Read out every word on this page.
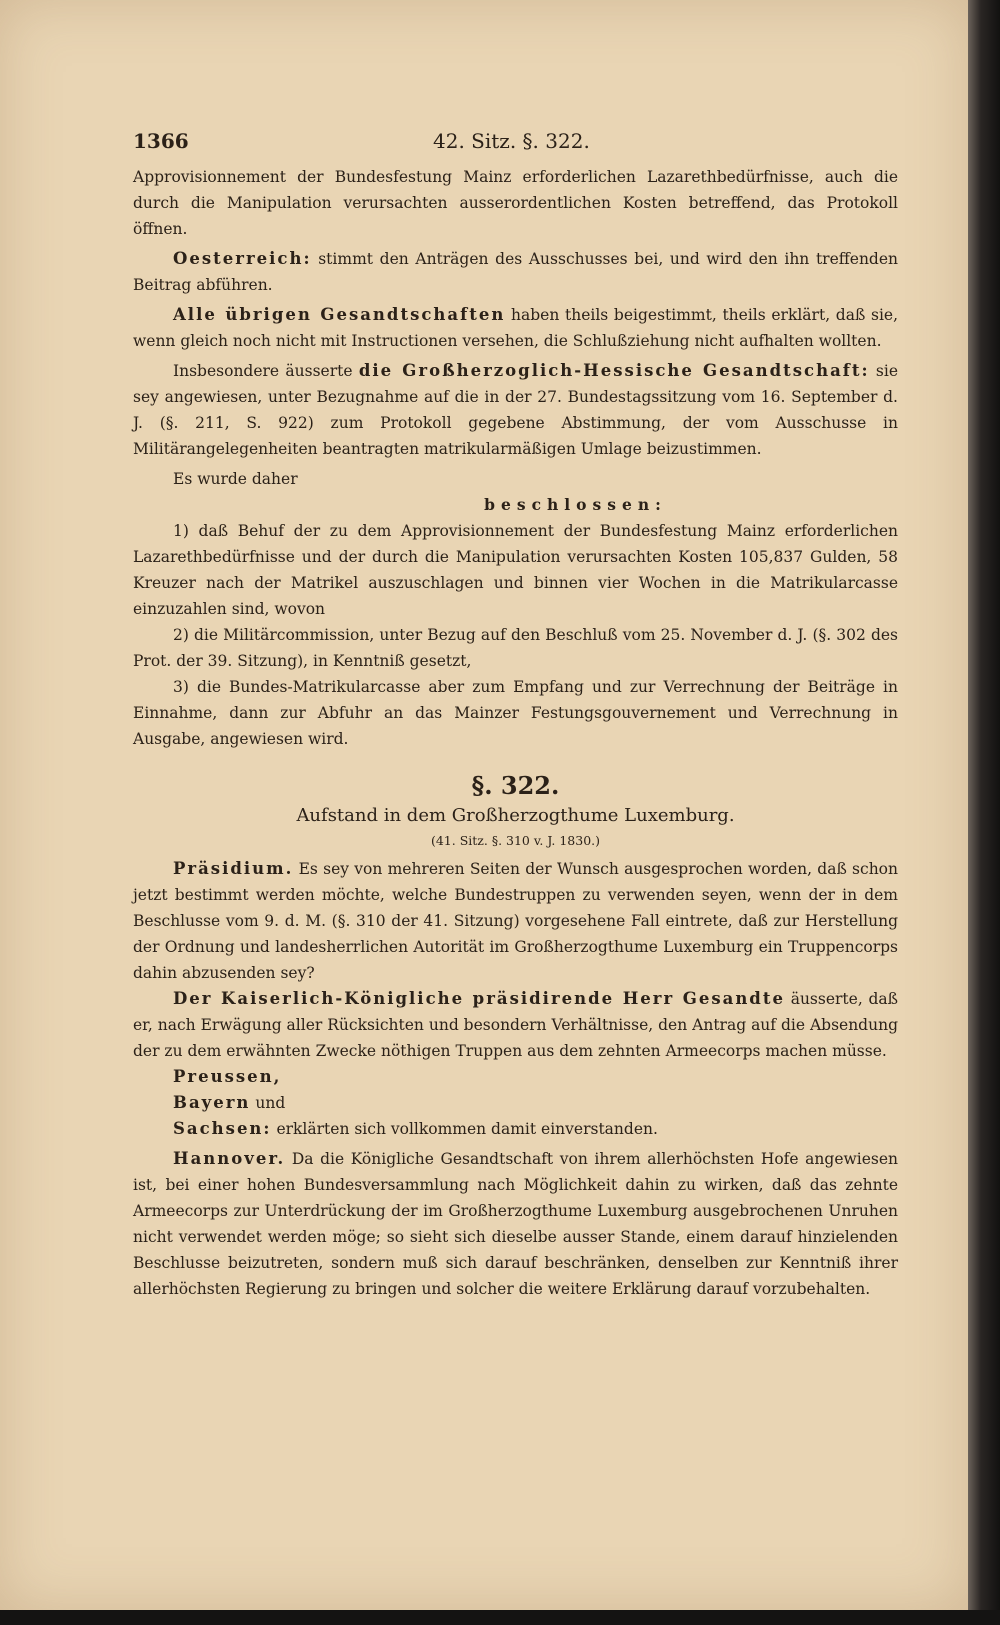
1366	42. Sitz. §. 322.

Approvisionnement der Bundesfestung Mainz erforderlichen Lazarethbedürfnisse, auch die durch die Manipulation verursachten ausserordentlichen Kosten betreffend, das Protokoll öffnen.

Oesterreich: stimmt den Anträgen des Ausschusses bei, und wird den ihn treffenden Beitrag abführen.

Alle übrigen Gesandtschaften haben theils beigestimmt, theils erklärt, daß sie, wenn gleich noch nicht mit Instructionen versehen, die Schlußziehung nicht aufhalten wollten.

Insbesondere äusserte die Großherzoglich-Hessische Gesandtschaft: sie sey angewiesen, unter Bezugnahme auf die in der 27. Bundestagssitzung vom 16. September d. J. (§. 211, S. 922) zum Protokoll gegebene Abstimmung, der vom Ausschusse in Militärangelegenheiten beantragten matrikularmäßigen Umlage beizustimmen.

Es wurde daher

beschlossen:

1) daß Behuf der zu dem Approvisionnement der Bundesfestung Mainz erforderlichen Lazarethbedürfnisse und der durch die Manipulation verursachten Kosten 105,837 Gulden, 58 Kreuzer nach der Matrikel auszuschlagen und binnen vier Wochen in die Matrikularcasse einzuzahlen sind, wovon

2) die Militärcommission, unter Bezug auf den Beschluß vom 25. November d. J. (§. 302 des Prot. der 39. Sitzung), in Kenntniß gesetzt,

3) die Bundes-Matrikularcasse aber zum Empfang und zur Verrechnung der Beiträge in Einnahme, dann zur Abfuhr an das Mainzer Festungsgouvernement und Verrechnung in Ausgabe, angewiesen wird.

§. 322.
Aufstand in dem Großherzogthume Luxemburg.
(41. Sitz. §. 310 v. J. 1830.)

Präsidium. Es sey von mehreren Seiten der Wunsch ausgesprochen worden, daß schon jetzt bestimmt werden möchte, welche Bundestruppen zu verwenden seyen, wenn der in dem Beschlusse vom 9. d. M. (§. 310 der 41. Sitzung) vorgesehene Fall eintrete, daß zur Herstellung der Ordnung und landesherrlichen Autorität im Großherzogthume Luxemburg ein Truppencorps dahin abzusenden sey?

Der Kaiserlich-Königliche präsidirende Herr Gesandte äusserte, daß er, nach Erwägung aller Rücksichten und besondern Verhältnisse, den Antrag auf die Absendung der zu dem erwähnten Zwecke nöthigen Truppen aus dem zehnten Armeecorps machen müsse.

Preussen,

Bayern und

Sachsen: erklärten sich vollkommen damit einverstanden.

Hannover. Da die Königliche Gesandtschaft von ihrem allerhöchsten Hofe angewiesen ist, bei einer hohen Bundesversammlung nach Möglichkeit dahin zu wirken, daß das zehnte Armeecorps zur Unterdrückung der im Großherzogthume Luxemburg ausgebrochenen Unruhen nicht verwendet werden möge; so sieht sich dieselbe ausser Stande, einem darauf hinzielenden Beschlusse beizutreten, sondern muß sich darauf beschränken, denselben zur Kenntniß ihrer allerhöchsten Regierung zu bringen und solcher die weitere Erklärung darauf vorzubehalten.
